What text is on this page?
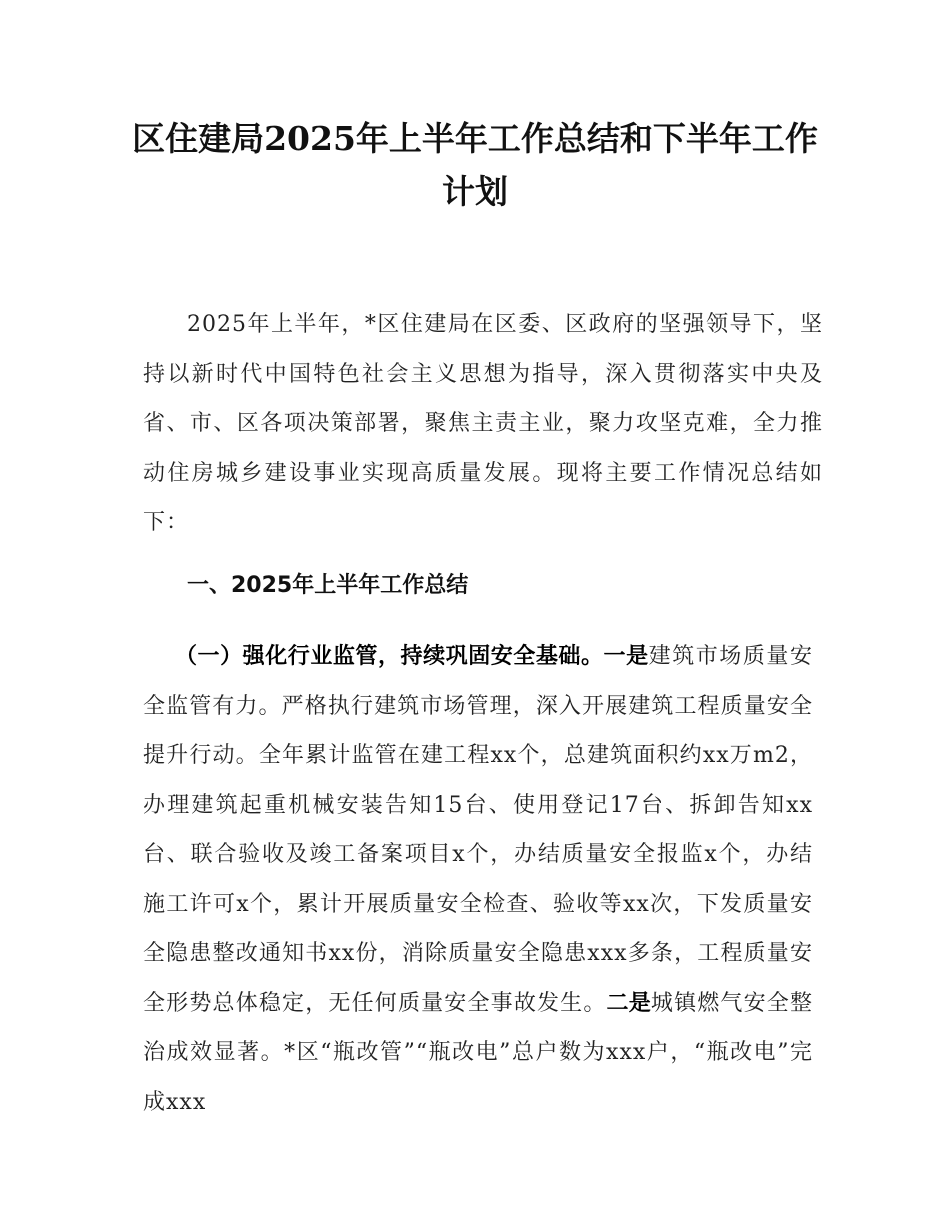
区住建局2025年上半年工作总结和下半年工作计划

2025年上半年，*区住建局在区委、区政府的坚强领导下，坚持以新时代中国特色社会主义思想为指导，深入贯彻落实中央及省、市、区各项决策部署，聚焦主责主业，聚力攻坚克难，全力推动住房城乡建设事业实现高质量发展。现将主要工作情况总结如下：

一、2025年上半年工作总结

（一）强化行业监管，持续巩固安全基础。一是建筑市场质量安全监管有力。严格执行建筑市场管理，深入开展建筑工程质量安全提升行动。全年累计监管在建工程xx个，总建筑面积约xx万m2，办理建筑起重机械安装告知15台、使用登记17台、拆卸告知xx台、联合验收及竣工备案项目x个，办结质量安全报监x个，办结施工许可x个，累计开展质量安全检查、验收等xx次，下发质量安全隐患整改通知书xx份，消除质量安全隐患xxx多条，工程质量安全形势总体稳定，无任何质量安全事故发生。二是城镇燃气安全整治成效显著。*区“瓶改管”“瓶改电”总户数为xxx户，“瓶改电”完成xxx
